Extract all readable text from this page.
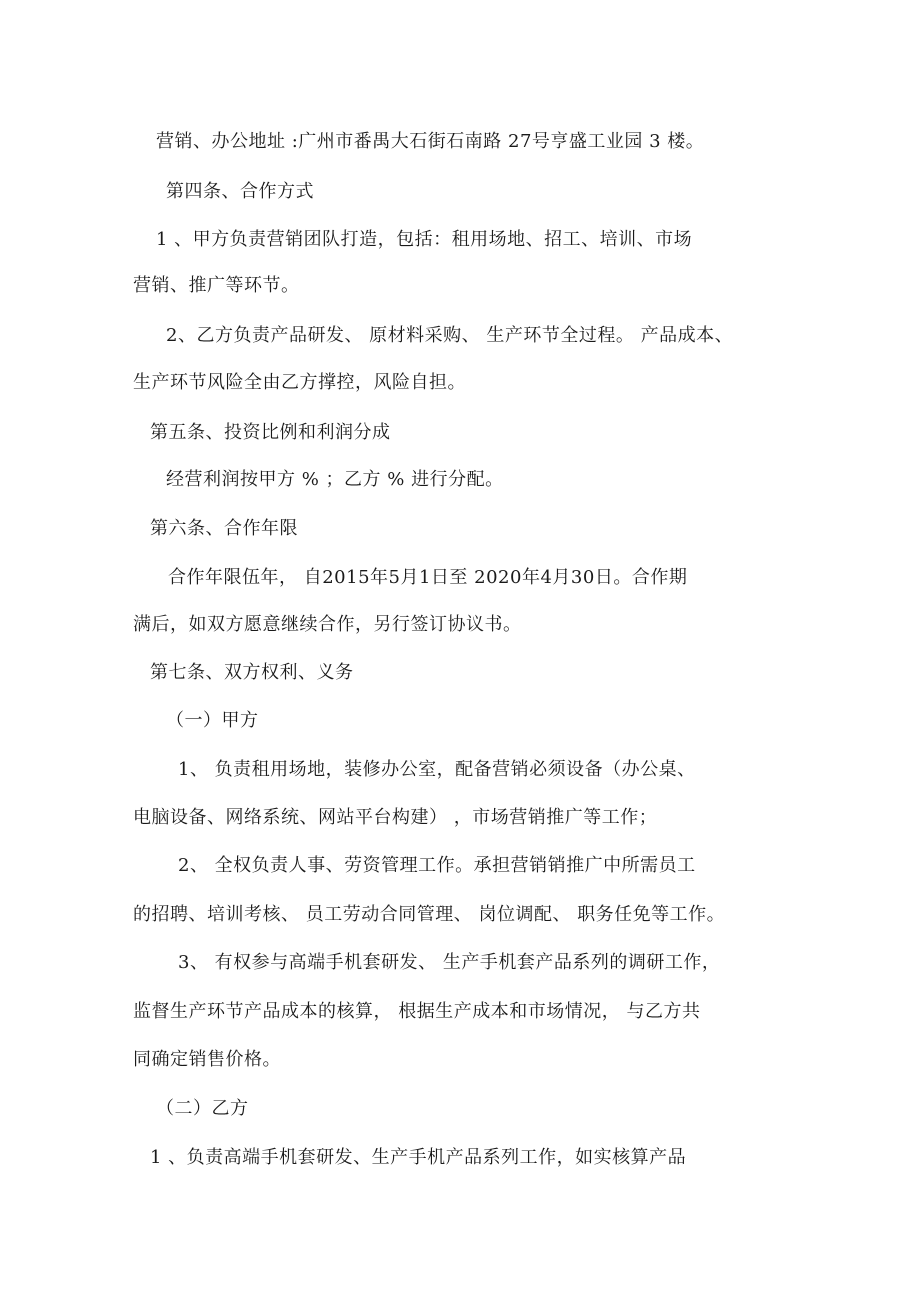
营销、办公地址 :广州市番禺大石街石南路 27号亨盛工业园 3 楼。
第四条、合作方式
1 、甲方负责营销团队打造，包括：租用场地、招工、培训、市场
营销、推广等环节。
2、乙方负责产品研发、 原材料采购、 生产环节全过程。 产品成本、
生产环节风险全由乙方撑控，风险自担。
第五条、投资比例和利润分成
经营利润按甲方 % ；乙方 % 进行分配。
第六条、合作年限
合作年限伍年， 自2015年5月1日至 2020年4月30日。合作期
满后，如双方愿意继续合作，另行签订协议书。
第七条、双方权利、义务
（一）甲方
1、 负责租用场地，装修办公室，配备营销必须设备（办公桌、
电脑设备、网络系统、网站平台构建） ，市场营销推广等工作；
2、 全权负责人事、劳资管理工作。承担营销销推广中所需员工
的招聘、培训考核、 员工劳动合同管理、 岗位调配、 职务任免等工作。
3、 有权参与高端手机套研发、 生产手机套产品系列的调研工作，
监督生产环节产品成本的核算， 根据生产成本和市场情况， 与乙方共
同确定销售价格。
（二）乙方
1 、负责高端手机套研发、生产手机产品系列工作，如实核算产品
